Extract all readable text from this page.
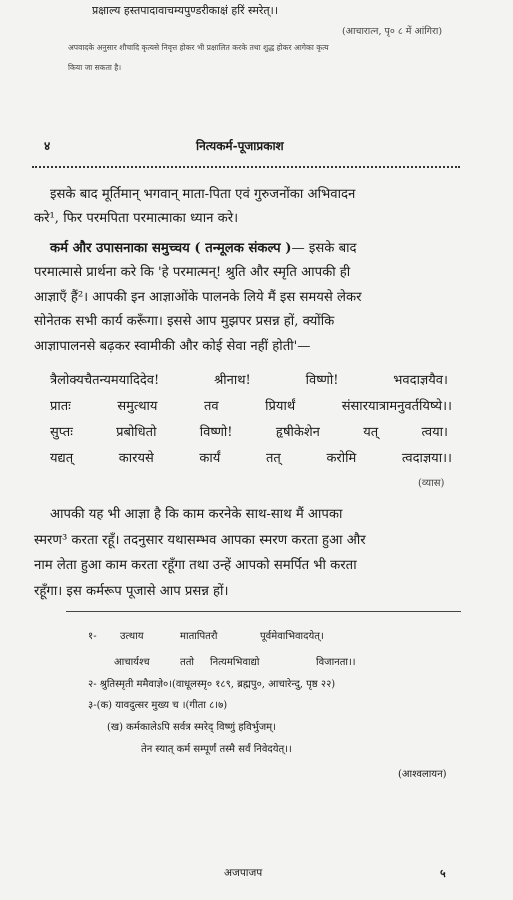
प्रक्षाल्य हस्तपादावाचम्यपुण्डरीकाक्षं हरिं स्मरेत्।।
(आचारात्न, पृ० ८ में आंगिरा)
अपवादके अनुसार शौचादि कृत्यसे निवृत्त होकर भी प्रक्षालित करके तथा शुद्ध होकर आगेका कृत्य
किया जा सकता है।
४	नित्यकर्म-पूजाप्रकाश
इसके बाद मूर्तिमान् भगवान् माता-पिता एवं गुरुजनोंका अभिवादन
करे¹, फिर परमपिता परमात्माका ध्यान करे।
कर्म और उपासनाका समुच्चय ( तन्मूलक संकल्प )— इसके बाद
परमात्मासे प्रार्थना करे कि 'हे परमात्मन्! श्रुति और स्मृति आपकी ही
आज्ञाएँ हैं²। आपकी इन आज्ञाओंके पालनके लिये मैं इस समयसे लेकर
सोनेतक सभी कार्य करूँगा। इससे आप मुझपर प्रसन्न हों, क्योंकि
आज्ञापालनसे बढ़कर स्वामीकी और कोई सेवा नहीं होती'—
त्रैलोक्यचैतन्यमयादिदेव!	श्रीनाथ!	विष्णो!	भवदाज्ञयैव।
प्रातः	समुत्थाय	तव	प्रियार्थं	संसारयात्रामनुवर्तयिष्ये।।
सुप्तः	प्रबोधितो	विष्णो!	हृषीकेशेन	यत्	त्वया।
यद्यत्	कारयसे	कार्यं	तत्	करोमि	त्वदाज्ञया।।
(व्यास)
आपकी यह भी आज्ञा है कि काम करनेके साथ-साथ मैं आपका
स्मरण³ करता रहूँ। तदनुसार यथासम्भव आपका स्मरण करता हुआ और
नाम लेता हुआ काम करता रहूँगा तथा उन्हें आपको समर्पित भी करता
रहूँगा। इस कर्मरूप पूजासे आप प्रसन्न हों।
१-	उत्थाय	मातापितरौ	पूर्वमेवाभिवादयेत्।
आचार्यश्च	ततो	नित्यमभिवाद्यो	विजानता।।
२- श्रुतिस्मृती ममैवाज्ञे०।(वाधूलस्मृ० १८९, ब्रह्मपु०, आचारेन्दु, पृष्ठ २२)
३-(क) यावदुत्सर मुख्य च ।(गीता ८।७)
(ख) कर्मकालेऽपि सर्वत्र स्मरेद् विष्णुं हविर्भुजम्।
तेन स्यात् कर्म सम्पूर्णं तस्मै सर्वं निवेदयेत्।।
(आश्वलायन)
अजपाजप	५
